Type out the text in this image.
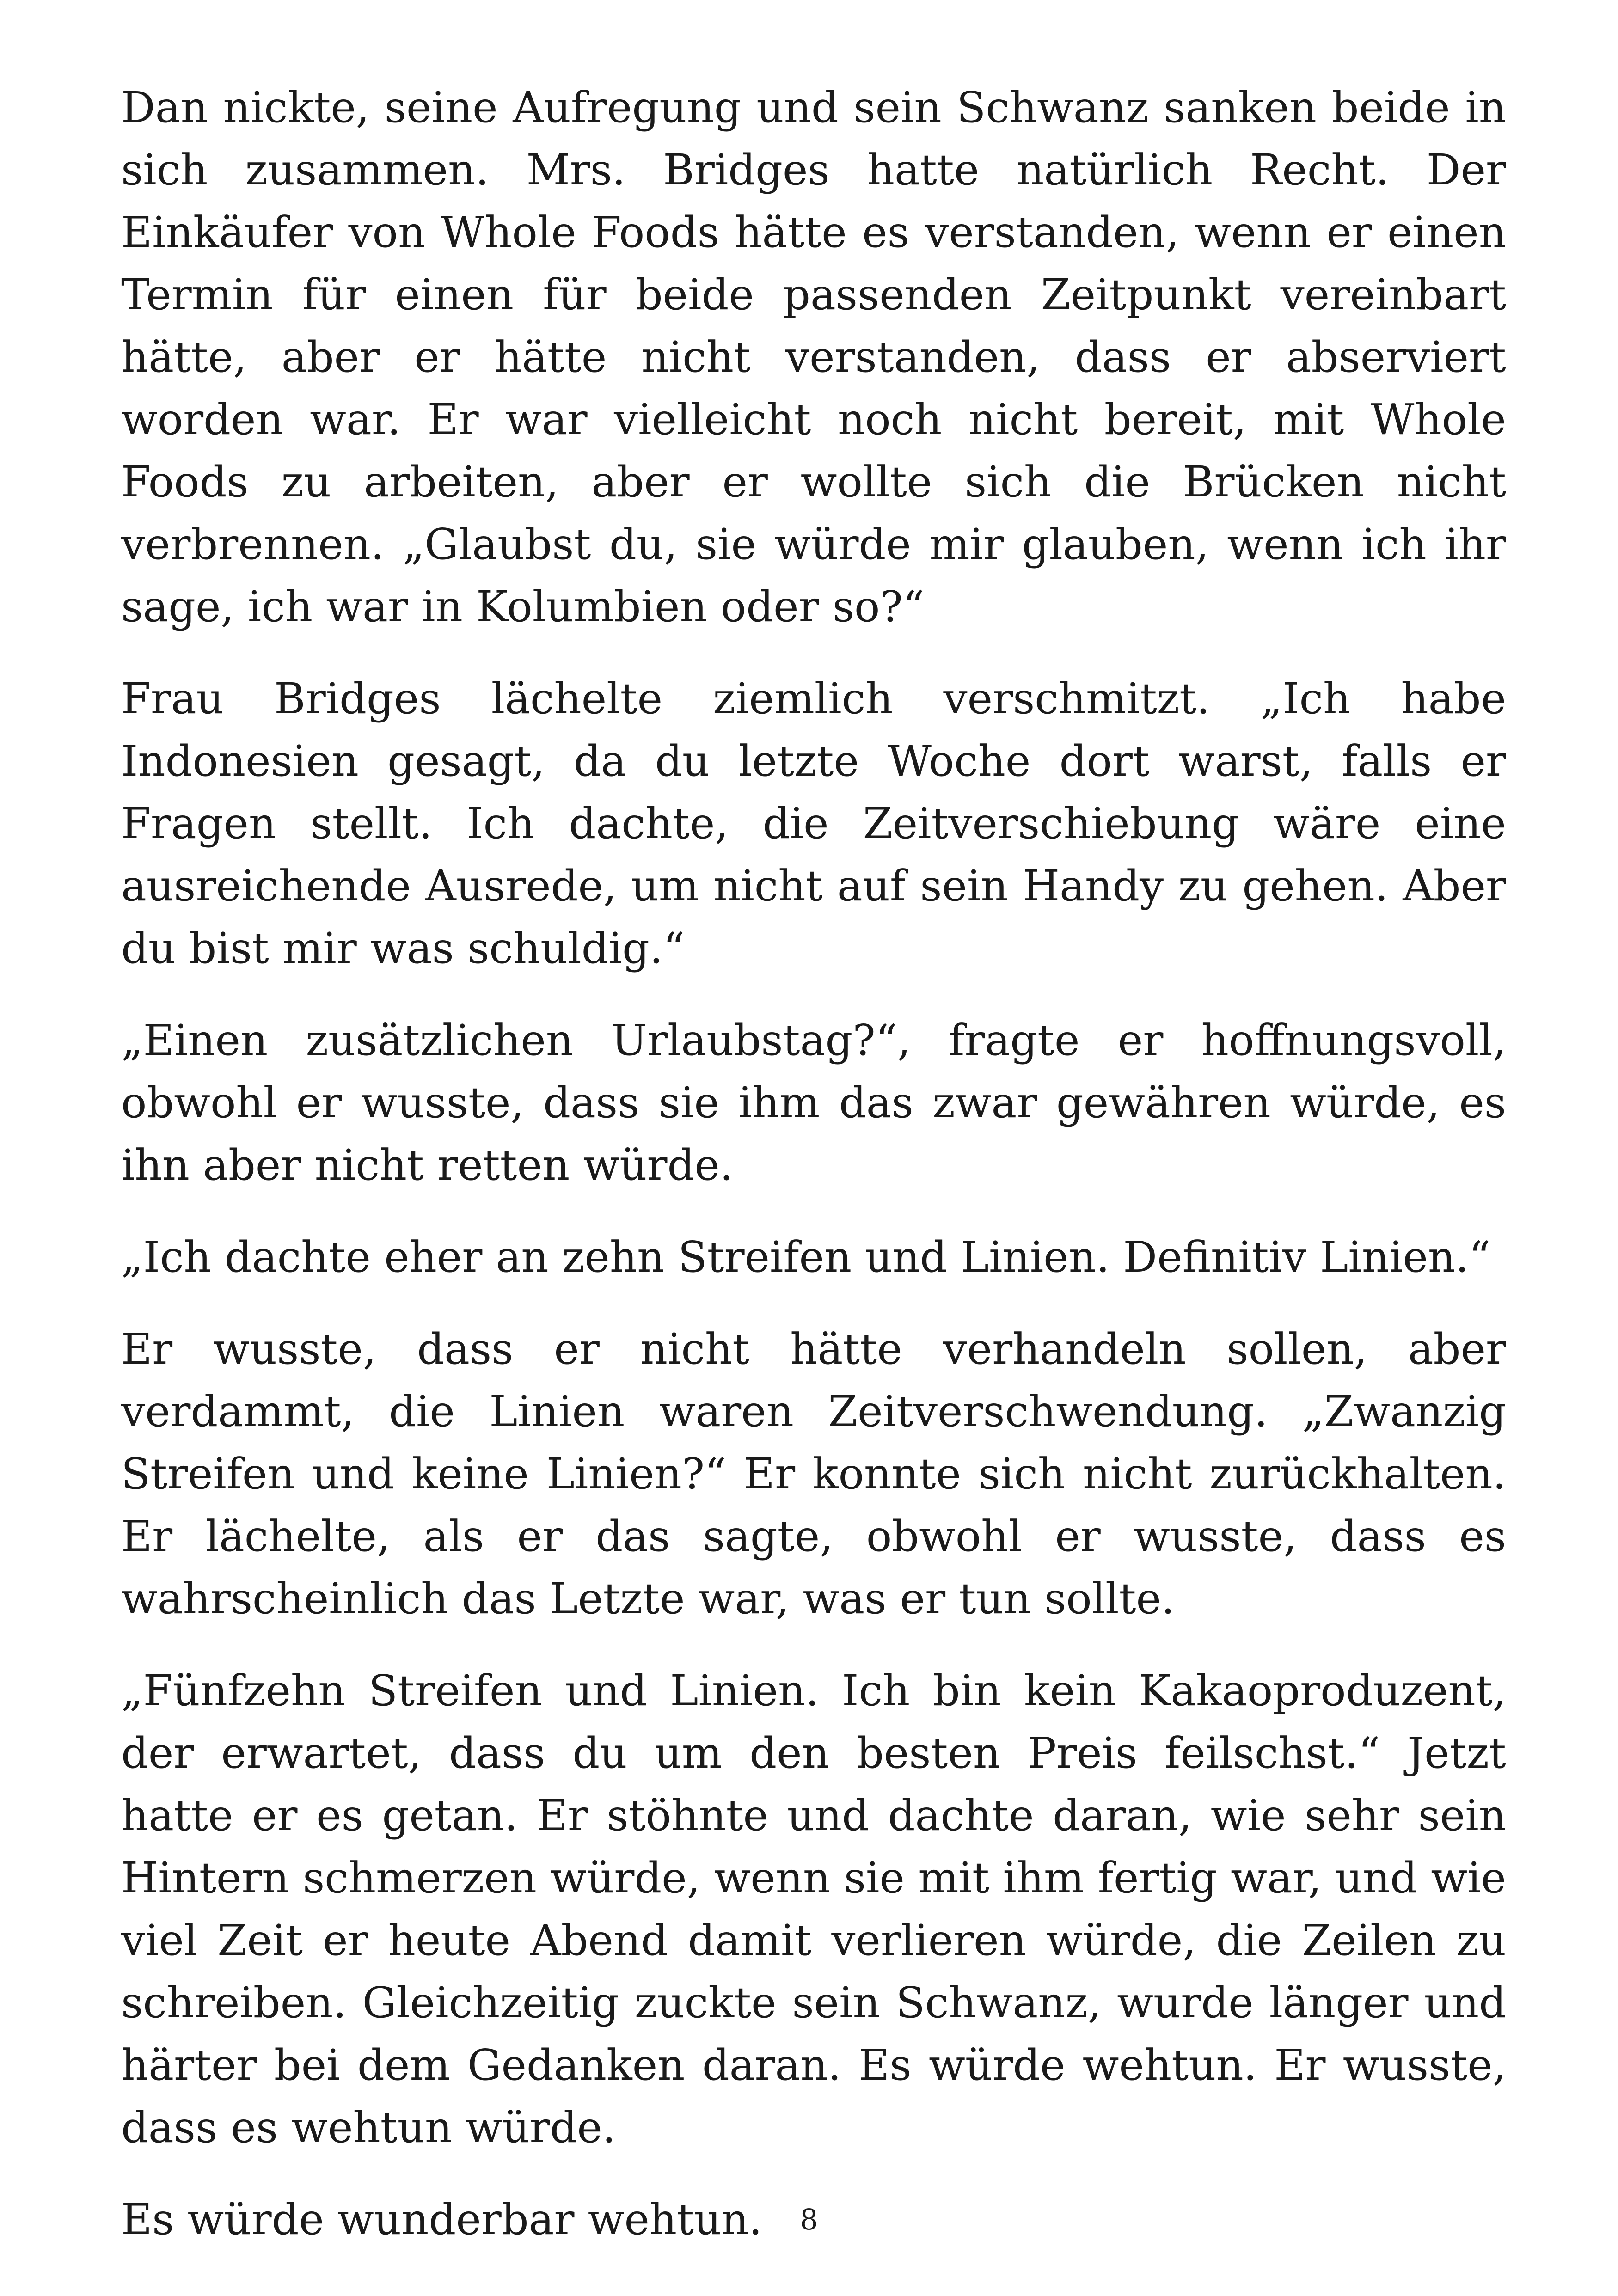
Dan nickte, seine Aufregung und sein Schwanz sanken beide in sich zusammen. Mrs. Bridges hatte natürlich Recht. Der Einkäufer von Whole Foods hätte es verstanden, wenn er einen Termin für einen für beide passenden Zeitpunkt vereinbart hätte, aber er hätte nicht verstanden, dass er abserviert worden war. Er war vielleicht noch nicht bereit, mit Whole Foods zu arbeiten, aber er wollte sich die Brücken nicht verbrennen. „Glaubst du, sie würde mir glauben, wenn ich ihr sage, ich war in Kolumbien oder so?“

Frau Bridges lächelte ziemlich verschmitzt. „Ich habe Indonesien gesagt, da du letzte Woche dort warst, falls er Fragen stellt. Ich dachte, die Zeitverschiebung wäre eine ausreichende Ausrede, um nicht auf sein Handy zu gehen. Aber du bist mir was schuldig.“

„Einen zusätzlichen Urlaubstag?“, fragte er hoffnungsvoll, obwohl er wusste, dass sie ihm das zwar gewähren würde, es ihn aber nicht retten würde.

„Ich dachte eher an zehn Streifen und Linien. Definitiv Linien.“

Er wusste, dass er nicht hätte verhandeln sollen, aber verdammt, die Linien waren Zeitverschwendung. „Zwanzig Streifen und keine Linien?“ Er konnte sich nicht zurückhalten. Er lächelte, als er das sagte, obwohl er wusste, dass es wahrscheinlich das Letzte war, was er tun sollte.

„Fünfzehn Streifen und Linien. Ich bin kein Kakaoproduzent, der erwartet, dass du um den besten Preis feilschst.“ Jetzt hatte er es getan. Er stöhnte und dachte daran, wie sehr sein Hintern schmerzen würde, wenn sie mit ihm fertig war, und wie viel Zeit er heute Abend damit verlieren würde, die Zeilen zu schreiben. Gleichzeitig zuckte sein Schwanz, wurde länger und härter bei dem Gedanken daran. Es würde wehtun. Er wusste, dass es wehtun würde.

Es würde wunderbar wehtun.	8
